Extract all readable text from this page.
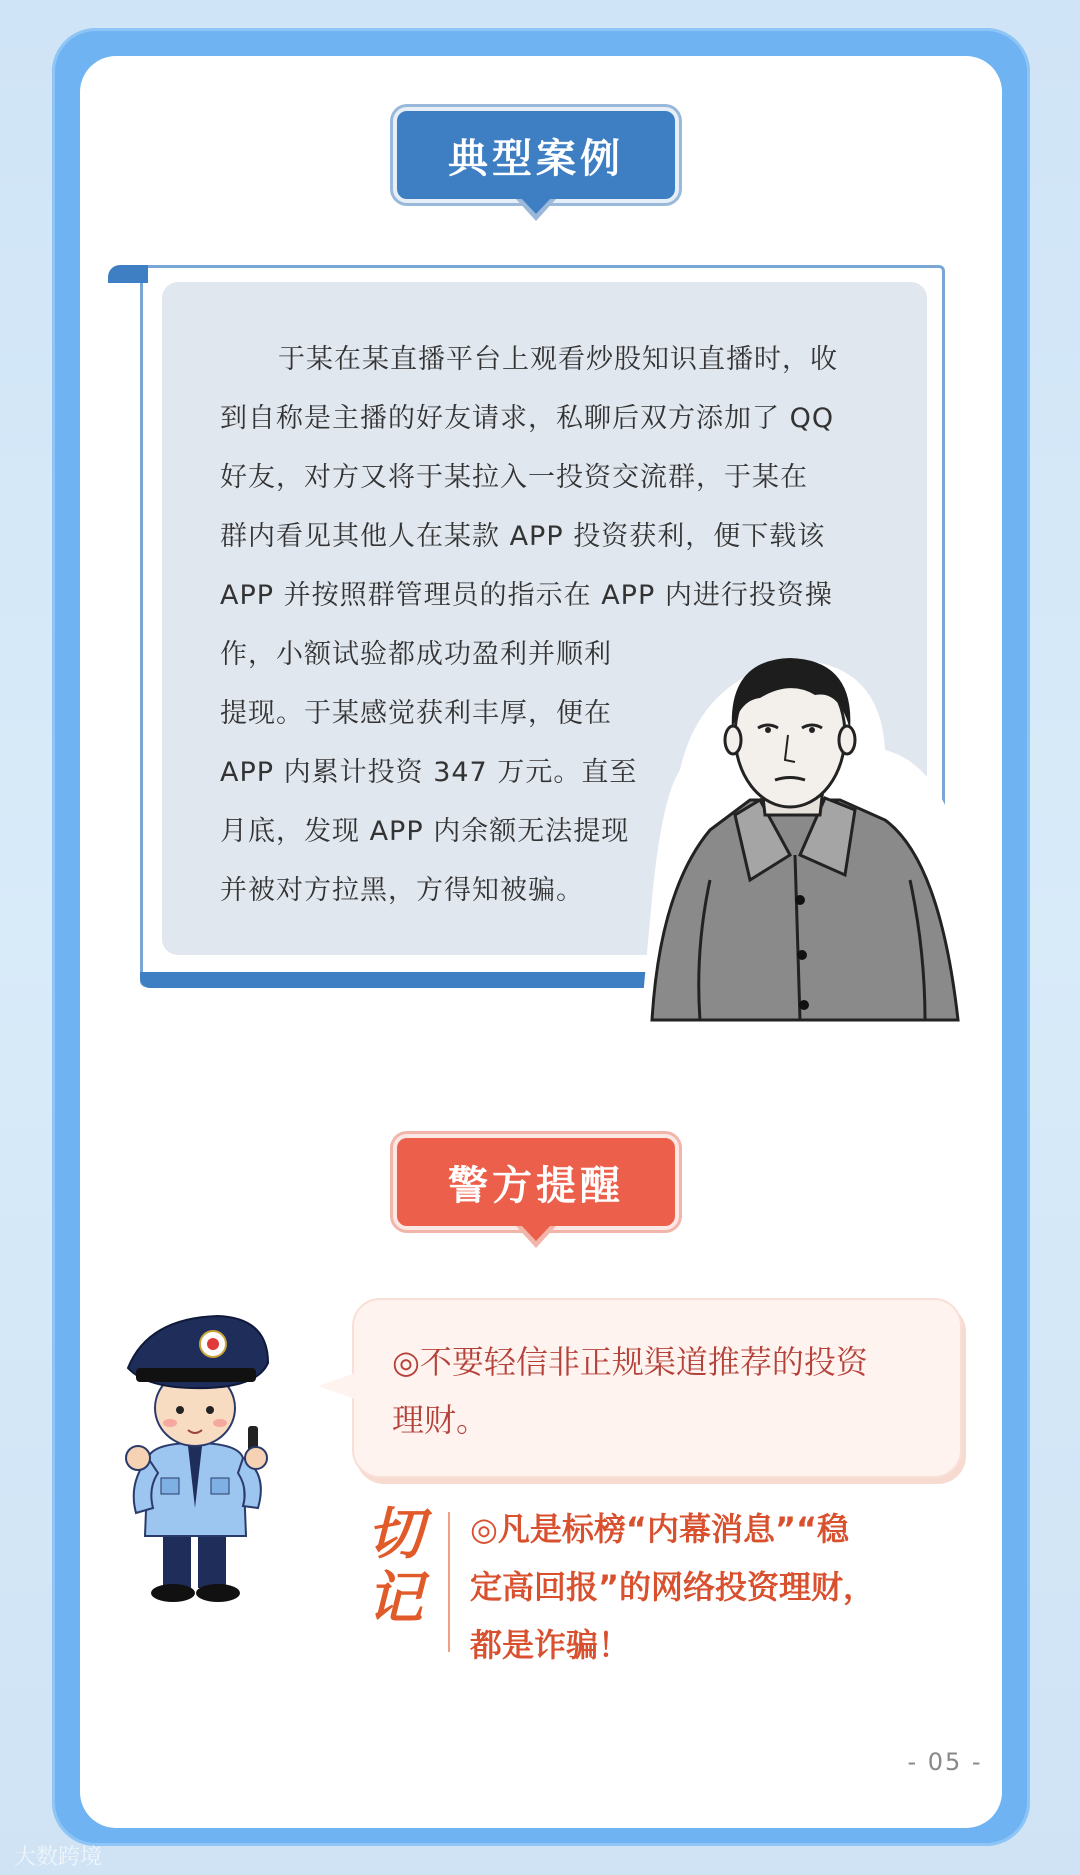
典型案例
于某在某直播平台上观看炒股知识直播时，收
到自称是主播的好友请求，私聊后双方添加了 QQ
好友，对方又将于某拉入一投资交流群，于某在
群内看见其他人在某款 APP 投资获利，便下载该
APP 并按照群管理员的指示在 APP 内进行投资操
作，小额试验都成功盈利并顺利
提现。于某感觉获利丰厚，便在
APP 内累计投资 347 万元。直至
月底，发现 APP 内余额无法提现
并被对方拉黑，方得知被骗。
警方提醒
◎不要轻信非正规渠道推荐的投资
理财。
切记
◎凡是标榜“内幕消息”“稳
定高回报”的网络投资理财，
都是诈骗！
- 05 -
大数跨境
